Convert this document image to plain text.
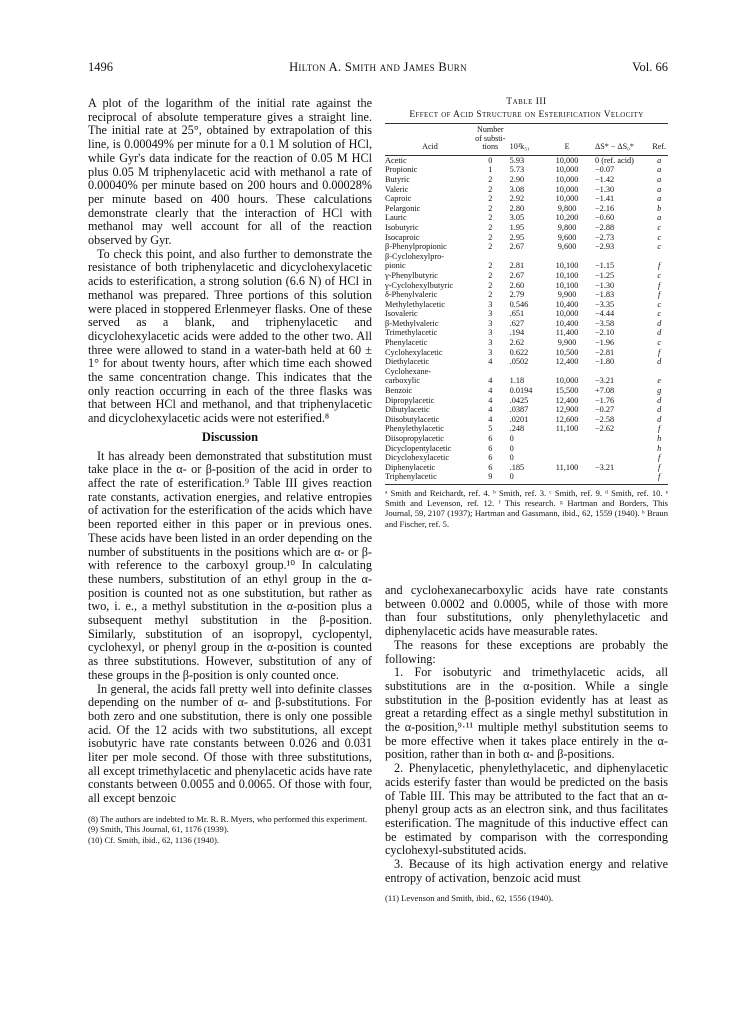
1496	Hilton A. Smith and James Burn	Vol. 66

A plot of the logarithm of the initial rate against the reciprocal of absolute temperature gives a straight line. The initial rate at 25°, obtained by extrapolation of this line, is 0.00049% per minute for a 0.1 M solution of HCl, while Gyr's data indicate for the reaction of 0.05 M HCl plus 0.05 M triphenylacetic acid with methanol a rate of 0.00040% per minute based on 200 hours and 0.00028% per minute based on 400 hours. These calculations demonstrate clearly that the interaction of HCl with methanol may well account for all of the reaction observed by Gyr.

To check this point, and also further to demonstrate the resistance of both triphenylacetic and dicyclohexylacetic acids to esterification, a strong solution (6.6 N) of HCl in methanol was prepared. Three portions of this solution were placed in stoppered Erlenmeyer flasks. One of these served as a blank, and triphenylacetic and dicyclohexylacetic acids were added to the other two. All three were allowed to stand in a water-bath held at 60 ± 1° for about twenty hours, after which time each showed the same concentration change. This indicates that the only reaction occurring in each of the three flasks was that between HCl and methanol, and that triphenylacetic and dicyclohexylacetic acids were not esterified.⁸

Discussion

It has already been demonstrated that substitution must take place in the α- or β-position of the acid in order to affect the rate of esterification.⁹ Table III gives reaction rate constants, activation energies, and relative entropies of activation for the esterification of the acids which have been reported either in this paper or in previous ones. These acids have been listed in an order depending on the number of substituents in the positions which are α- or β- with reference to the carboxyl group.¹⁰ In calculating these numbers, substitution of an ethyl group in the α-position is counted not as one substitution, but rather as two, i. e., a methyl substitution in the α-position plus a subsequent methyl substitution in the β-position. Similarly, substitution of an isopropyl, cyclopentyl, cyclohexyl, or phenyl group in the α-position is counted as three substitutions. However, substitution of any of these groups in the β-position is only counted once.

In general, the acids fall pretty well into definite classes depending on the number of α- and β-substitutions. For both zero and one substitution, there is only one possible acid. Of the 12 acids with two substitutions, all except isobutyric have rate constants between 0.026 and 0.031 liter per mole second. Of those with three substitutions, all except trimethylacetic and phenylacetic acids have rate constants between 0.0055 and 0.0065. Of those with four, all except benzoic

(8) The authors are indebted to Mr. R. R. Myers, who performed this experiment.
(9) Smith, This Journal, 61, 1176 (1939).
(10) Cf. Smith, ibid., 62, 1136 (1940).
Table III
Effect of Acid Structure on Esterification Velocity
Acid	Number of substi- tions	10³k₅₁	E	ΔS* − ΔS₀*	Ref.
Acetic	0	5.93	10,000	0 (ref. acid)	a
Propionic	1	5.73	10,000	−0.07	a
Butyric	2	2.90	10,000	−1.42	a
Valeric	2	3.08	10,000	−1.30	a
Caproic	2	2.92	10,000	−1.41	a
Pelargonic	2	2.80	9,800	−2.16	b
Lauric	2	3.05	10,200	−0.60	a
Isobutyric	2	1.95	9,800	−2.88	c
Isocaproic	2	2.95	9,600	−2.73	c
β-Phenylpropionic	2	2.67	9,600	−2.93	c
β-Cyclohexylpro-					
pionic	2	2.81	10,100	−1.15	f
γ-Phenylbutyric	2	2.67	10,100	−1.25	c
γ-Cyclohexylbutyric	2	2.60	10,100	−1.30	f
δ-Phenylvaleric	2	2.79	9,900	−1.83	f
Methylethylacetic	3	0.546	10,400	−3.35	c
Isovaleric	3	.651	10,000	−4.44	c
β-Methylvaleric	3	.627	10,400	−3.58	d
Trimethylacetic	3	.194	11,400	−2.10	d
Phenylacetic	3	2.62	9,900	−1.96	c
Cyclohexylacetic	3	0.622	10,500	−2.81	f
Diethylacetic	4	.0502	12,400	−1.80	d
Cyclohexane-					
carboxylic	4	1.18	10,000	−3.21	e
Benzoic	4	0.0194	15,500	+7.08	g
Dipropylacetic	4	.0425	12,400	−1.76	d
Dibutylacetic	4	.0387	12,900	−0.27	d
Diisobutylacetic	4	.0201	12,600	−2.58	d
Phenylethylacetic	5	.248	11,100	−2.62	f
Diisopropylacetic	6	0			h
Dicyclopentylacetic	6	0			h
Dicyclohexylacetic	6	0			f
Diphenylacetic	6	.185	11,100	−3.21	f
Triphenylacetic	9	0			f
ᵃ Smith and Reichardt, ref. 4. ᵇ Smith, ref. 3. ᶜ Smith, ref. 9. ᵈ Smith, ref. 10. ᵉ Smith and Levenson, ref. 12. ᶠ This research. ᵍ Hartman and Borders, This Journal, 59, 2107 (1937); Hartman and Gassmann, ibid., 62, 1559 (1940). ʰ Braun and Fischer, ref. 5.

and cyclohexanecarboxylic acids have rate constants between 0.0002 and 0.0005, while of those with more than four substitutions, only phenylethylacetic and diphenylacetic acids have measurable rates.

The reasons for these exceptions are probably the following:

1. For isobutyric and trimethylacetic acids, all substitutions are in the α-position. While a single substitution in the β-position evidently has at least as great a retarding effect as a single methyl substitution in the α-position,⁹·¹¹ multiple methyl substitution seems to be more effective when it takes place entirely in the α-position, rather than in both α- and β-positions.

2. Phenylacetic, phenylethylacetic, and diphenylacetic acids esterify faster than would be predicted on the basis of Table III. This may be attributed to the fact that an α-phenyl group acts as an electron sink, and thus facilitates esterification. The magnitude of this inductive effect can be estimated by comparison with the corresponding cyclohexyl-substituted acids.

3. Because of its high activation energy and relative entropy of activation, benzoic acid must

(11) Levenson and Smith, ibid., 62, 1556 (1940).
